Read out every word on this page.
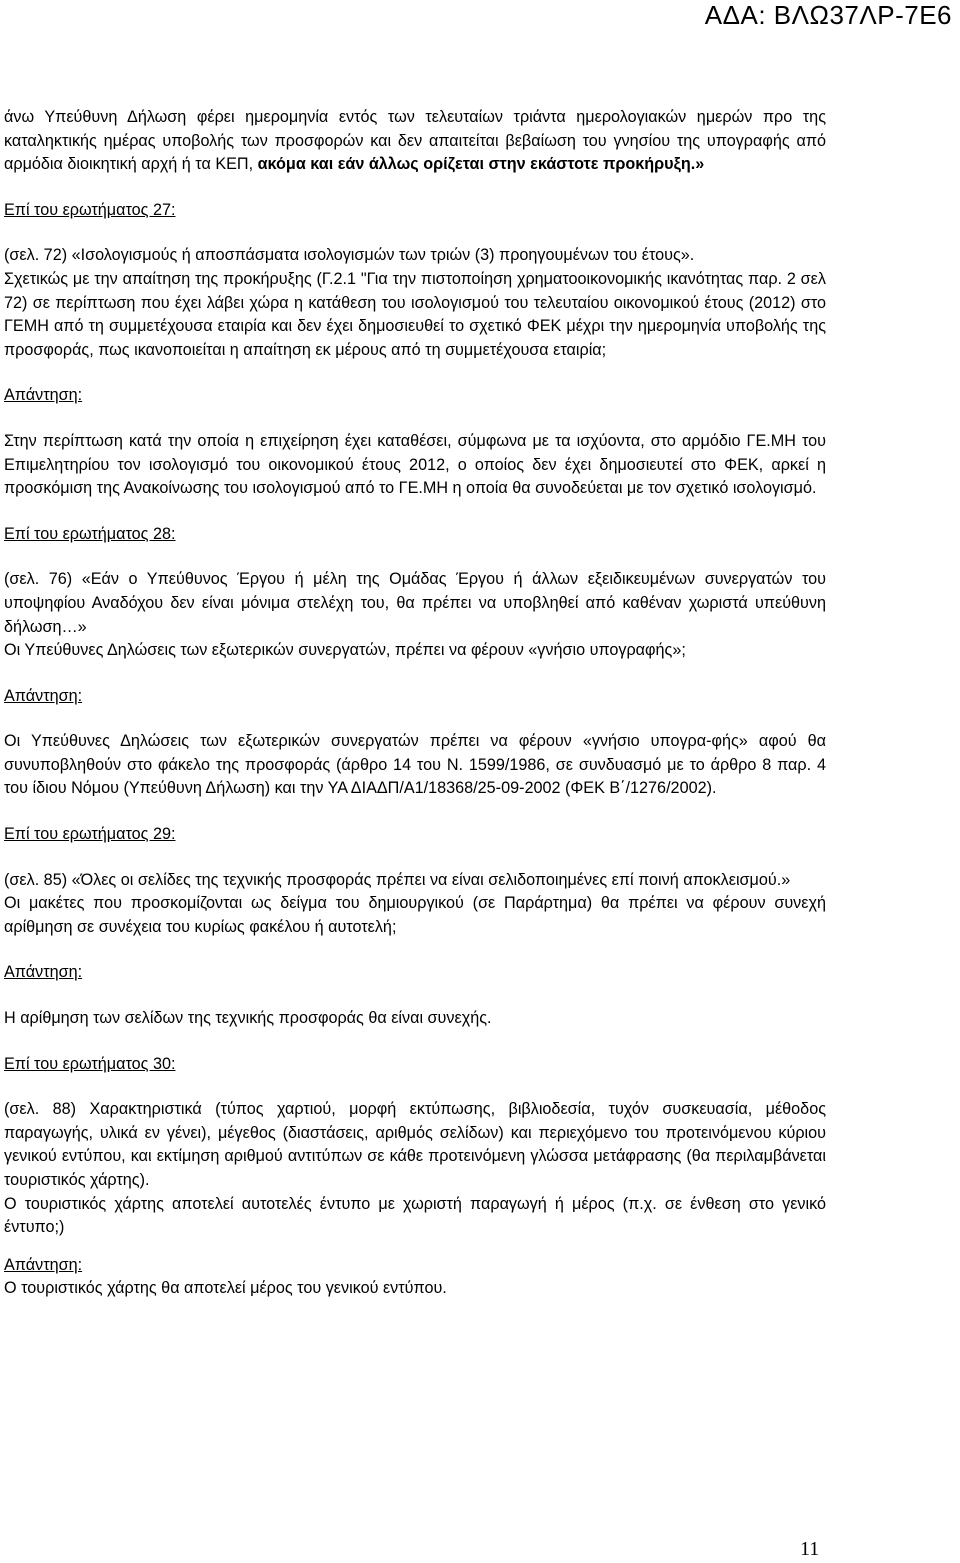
ΑΔΑ: ΒΛΩ37ΛΡ-7Ε6

άνω Υπεύθυνη Δήλωση φέρει ημερομηνία εντός των τελευταίων τριάντα ημερολογιακών ημερών προ της καταληκτικής ημέρας υποβολής των προσφορών και δεν απαιτείται βεβαίωση του γνησίου της υπογραφής από αρμόδια διοικητική αρχή ή τα ΚΕΠ, ακόμα και εάν άλλως ορίζεται στην εκάστοτε προκήρυξη.»

Επί του ερωτήματος 27:

(σελ. 72) «Ισολογισμούς ή αποσπάσματα ισολογισμών των τριών (3) προηγουμένων του έτους».

Σχετικώς με την απαίτηση της προκήρυξης (Γ.2.1 "Για την πιστοποίηση χρηματοοικονομικής ικανότητας παρ. 2 σελ 72) σε περίπτωση που έχει λάβει χώρα η κατάθεση του ισολογισμού του τελευταίου οικονομικού έτους (2012) στο ΓΕΜΗ από τη συμμετέχουσα εταιρία και δεν έχει δημοσιευθεί το σχετικό ΦΕΚ μέχρι την ημερομηνία υποβολής της προσφοράς, πως ικανοποιείται η απαίτηση εκ μέρους από τη συμμετέχουσα εταιρία;

Απάντηση:

Στην περίπτωση κατά την οποία η επιχείρηση έχει καταθέσει, σύμφωνα με τα ισχύοντα, στο αρμόδιο ΓΕ.ΜΗ του Επιμελητηρίου τον ισολογισμό του οικονομικού έτους 2012, ο οποίος δεν έχει δημοσιευτεί στο ΦΕΚ, αρκεί η προσκόμιση της Ανακοίνωσης του ισολογισμού από το ΓΕ.ΜΗ η οποία θα συνοδεύεται με τον σχετικό ισολογισμό.

Επί του ερωτήματος 28:

(σελ. 76) «Εάν ο Υπεύθυνος Έργου ή μέλη της Ομάδας Έργου ή άλλων εξειδικευμένων συνεργατών του υποψηφίου Αναδόχου δεν είναι μόνιμα στελέχη του, θα πρέπει να υποβληθεί από καθέναν χωριστά υπεύθυνη δήλωση…»

Οι Υπεύθυνες Δηλώσεις των εξωτερικών συνεργατών, πρέπει να φέρουν «γνήσιο υπογραφής»;

Απάντηση:

Οι Υπεύθυνες Δηλώσεις των εξωτερικών συνεργατών πρέπει να φέρουν «γνήσιο υπογρα-φής» αφού θα συνυποβληθούν στο φάκελο της προσφοράς (άρθρο 14 του Ν. 1599/1986, σε συνδυασμό με το άρθρο 8 παρ. 4 του ίδιου Νόμου (Υπεύθυνη Δήλωση) και την ΥΑ ΔΙΑΔΠ/Α1/18368/25-09-2002 (ΦΕΚ Β΄/1276/2002).

Επί του ερωτήματος 29:

(σελ. 85) «Όλες οι σελίδες της τεχνικής προσφοράς πρέπει να είναι σελιδοποιημένες επί ποινή αποκλεισμού.»

Οι μακέτες που προσκομίζονται ως δείγμα του δημιουργικού (σε Παράρτημα) θα πρέπει να φέρουν συνεχή αρίθμηση σε συνέχεια του κυρίως φακέλου ή αυτοτελή;

Απάντηση:

Η αρίθμηση των σελίδων της τεχνικής προσφοράς θα είναι συνεχής.

Επί του ερωτήματος 30:

(σελ. 88) Χαρακτηριστικά (τύπος χαρτιού, μορφή εκτύπωσης, βιβλιοδεσία, τυχόν συσκευασία, μέθοδος παραγωγής, υλικά εν γένει), μέγεθος (διαστάσεις, αριθμός σελίδων) και περιεχόμενο του προτεινόμενου κύριου γενικού εντύπου, και εκτίμηση αριθμού αντιτύπων σε κάθε προτεινόμενη γλώσσα μετάφρασης (θα περιλαμβάνεται τουριστικός χάρτης).

Ο τουριστικός χάρτης αποτελεί αυτοτελές έντυπο με χωριστή παραγωγή ή μέρος (π.χ. σε ένθεση στο γενικό έντυπο;)

Απάντηση:

Ο τουριστικός χάρτης θα αποτελεί μέρος του γενικού εντύπου.

11
